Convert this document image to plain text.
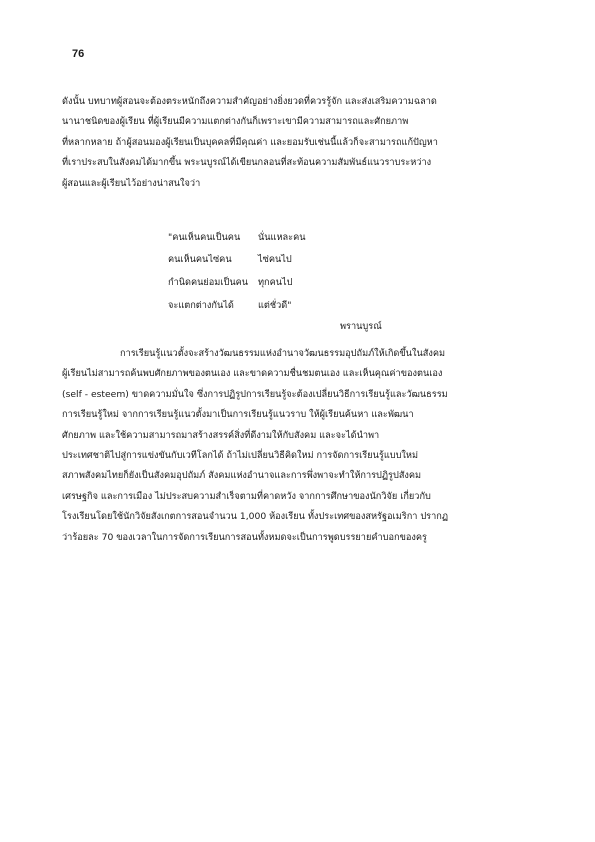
76
ดังนั้น บทบาทผู้สอนจะต้องตระหนักถึงความสำคัญอย่างยิ่งยวดที่ควรรู้จัก และส่งเสริมความฉลาด
นานาชนิดของผู้เรียน ที่ผู้เรียนมีความแตกต่างกันก็เพราะเขามีความสามารถและศักยภาพ
ที่หลากหลาย ถ้าผู้สอนมองผู้เรียนเป็นบุคคลที่มีคุณค่า และยอมรับเช่นนี้แล้วก็จะสามารถแก้ปัญหา
ที่เราประสบในสังคมได้มากขึ้น พระนบูรณ์ได้เขียนกลอนที่สะท้อนความสัมพันธ์แนวราบระหว่าง
ผู้สอนและผู้เรียนไว้อย่างน่าสนใจว่า
"คนเห็นคนเป็นคน	นั่นแหละคน
คนเห็นคนไซ่คน	ไซ่คนไป
กำนิดคนย่อมเป็นคน	ทุกคนไป
จะแตกต่างกันได้	แต่ชั่วดี"
พรานบูรณ์
การเรียนรู้แนวตั้งจะสร้างวัฒนธรรมแห่งอำนาจวัฒนธรรมอุปถัมภ์ให้เกิดขึ้นในสังคม
ผู้เรียนไม่สามารถค้นพบศักยภาพของตนเอง และขาดความชื่นชมตนเอง และเห็นคุณค่าของตนเอง
(self - esteem) ขาดความมั่นใจ ซึ่งการปฏิรูปการเรียนรู้จะต้องเปลี่ยนวิธีการเรียนรู้และวัฒนธรรม
การเรียนรู้ใหม่ จากการเรียนรู้แนวตั้งมาเป็นการเรียนรู้แนวราบ ให้ผู้เรียนค้นหา และพัฒนา
ศักยภาพ และใช้ความสามารถมาสร้างสรรค์สิ่งที่ดีงามให้กับสังคม และจะได้นำพา
ประเทศชาติไปสู่การแข่งขันกับเวทีโลกได้ ถ้าไม่เปลี่ยนวิธีคิดใหม่ การจัดการเรียนรู้แบบใหม่
สภาพสังคมไทยก็ยังเป็นสังคมอุปถัมภ์ สังคมแห่งอำนาจและการพึ่งพาจะทำให้การปฏิรูปสังคม
เศรษฐกิจ และการเมือง ไม่ประสบความสำเร็จตามที่คาดหวัง จากการศึกษาของนักวิจัย เกี่ยวกับ
โรงเรียนโดยใช้นักวิจัยสังเกตการสอนจำนวน 1,000 ห้องเรียน ทั้งประเทศของสหรัฐอเมริกา ปรากฏ
ว่าร้อยละ 70 ของเวลาในการจัดการเรียนการสอนทั้งหมดจะเป็นการพูดบรรยายคำบอกของครู
